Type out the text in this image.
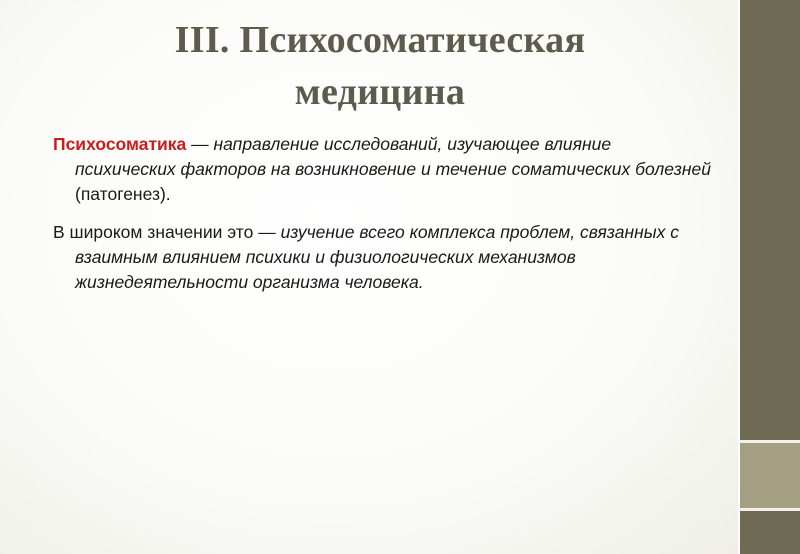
III. Психосоматическая
медицина

Психосоматика — направление исследований, изучающее влияние психических факторов на возникновение и течение соматических болезней (патогенез).

В широком значении это — изучение всего комплекса проблем, связанных с взаимным влиянием психики и физиологических механизмов жизнедеятельности организма человека.
